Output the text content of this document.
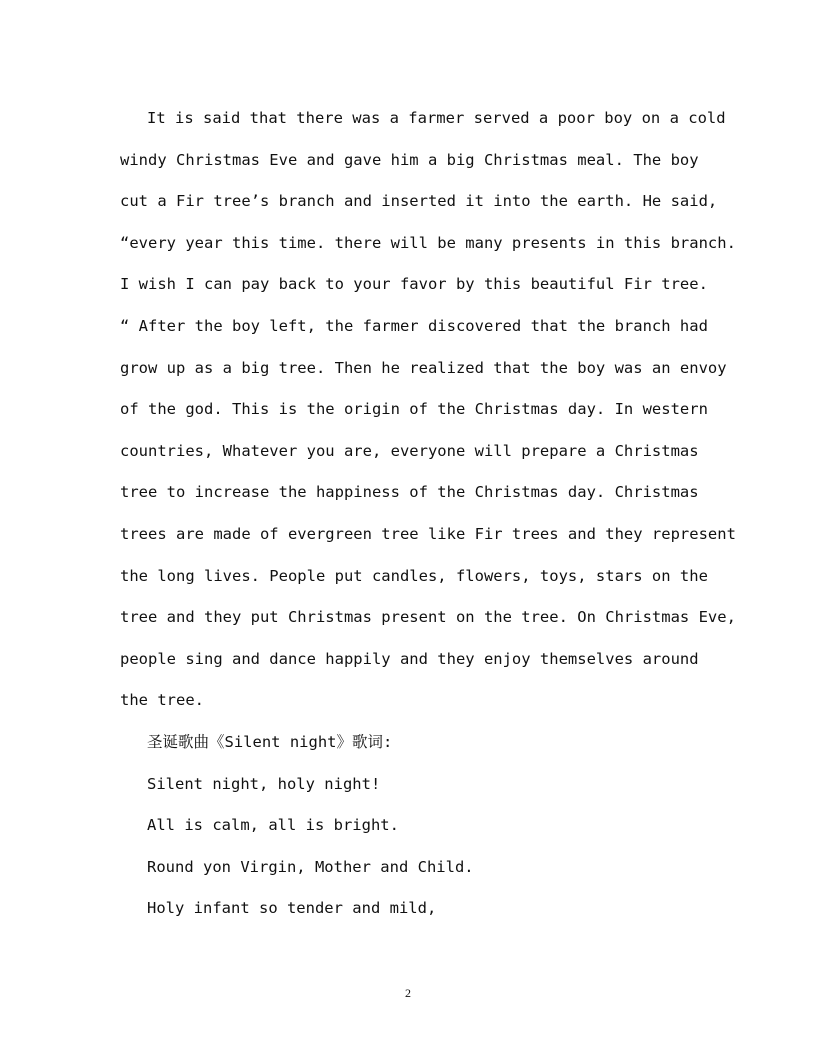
It is said that there was a farmer served a poor boy on a cold
windy Christmas Eve and gave him a big Christmas meal. The boy
cut a Fir tree’s branch and inserted it into the earth. He said,
“every year this time. there will be many presents in this branch.
I wish I can pay back to your favor by this beautiful Fir tree.
“ After the boy left, the farmer discovered that the branch had
grow up as a big tree. Then he realized that the boy was an envoy
of the god. This is the origin of the Christmas day. In western
countries, Whatever you are, everyone will prepare a Christmas
tree to increase the happiness of the Christmas day. Christmas
trees are made of evergreen tree like Fir trees and they represent
the long lives. People put candles, flowers, toys, stars on the
tree and they put Christmas present on the tree. On Christmas Eve,
people sing and dance happily and they enjoy themselves around
the tree.
圣诞歌曲《Silent night》歌词:
Silent night, holy night!
All is calm, all is bright.
Round yon Virgin, Mother and Child.
Holy infant so tender and mild,
2
